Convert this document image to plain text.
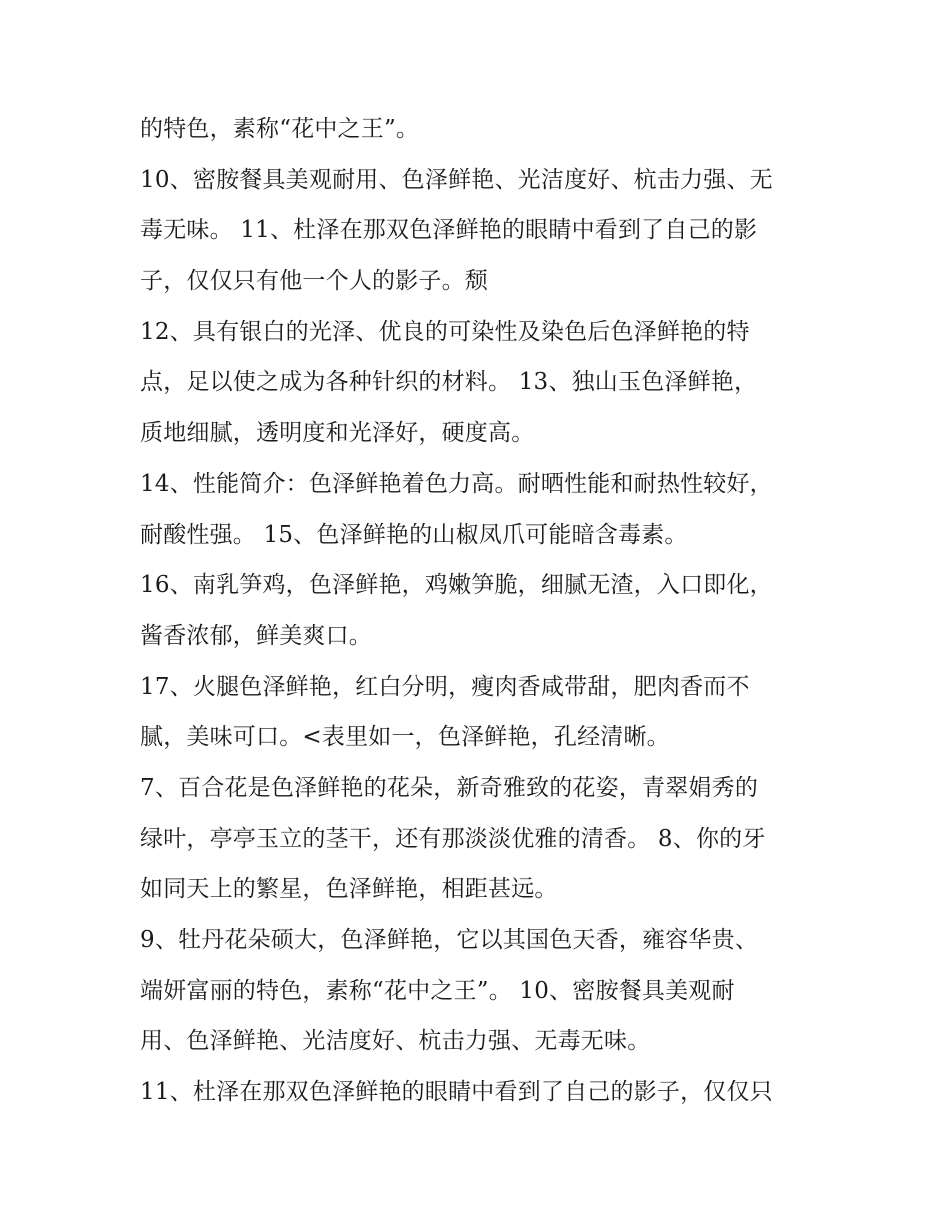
的特色，素称“花中之王”。
10、密胺餐具美观耐用、色泽鲜艳、光洁度好、杭击力强、无
毒无味。 11、杜泽在那双色泽鲜艳的眼睛中看到了自己的影
子，仅仅只有他一个人的影子。颓
12、具有银白的光泽、优良的可染性及染色后色泽鲜艳的特
点，足以使之成为各种针织的材料。 13、独山玉色泽鲜艳，
质地细腻，透明度和光泽好，硬度高。
14、性能简介：色泽鲜艳着色力高。耐晒性能和耐热性较好，
耐酸性强。 15、色泽鲜艳的山椒凤爪可能暗含毒素。
16、南乳笋鸡，色泽鲜艳，鸡嫩笋脆，细腻无渣，入口即化，
酱香浓郁，鲜美爽口。
17、火腿色泽鲜艳，红白分明，瘦肉香咸带甜，肥肉香而不
腻，美味可口。<表里如一，色泽鲜艳，孔经清晰。
7、百合花是色泽鲜艳的花朵，新奇雅致的花姿，青翠娟秀的
绿叶，亭亭玉立的茎干，还有那淡淡优雅的清香。 8、你的牙
如同天上的繁星，色泽鲜艳，相距甚远。
9、牡丹花朵硕大，色泽鲜艳，它以其国色天香，雍容华贵、
端妍富丽的特色，素称“花中之王”。 10、密胺餐具美观耐
用、色泽鲜艳、光洁度好、杭击力强、无毒无味。
11、杜泽在那双色泽鲜艳的眼睛中看到了自己的影子，仅仅只
